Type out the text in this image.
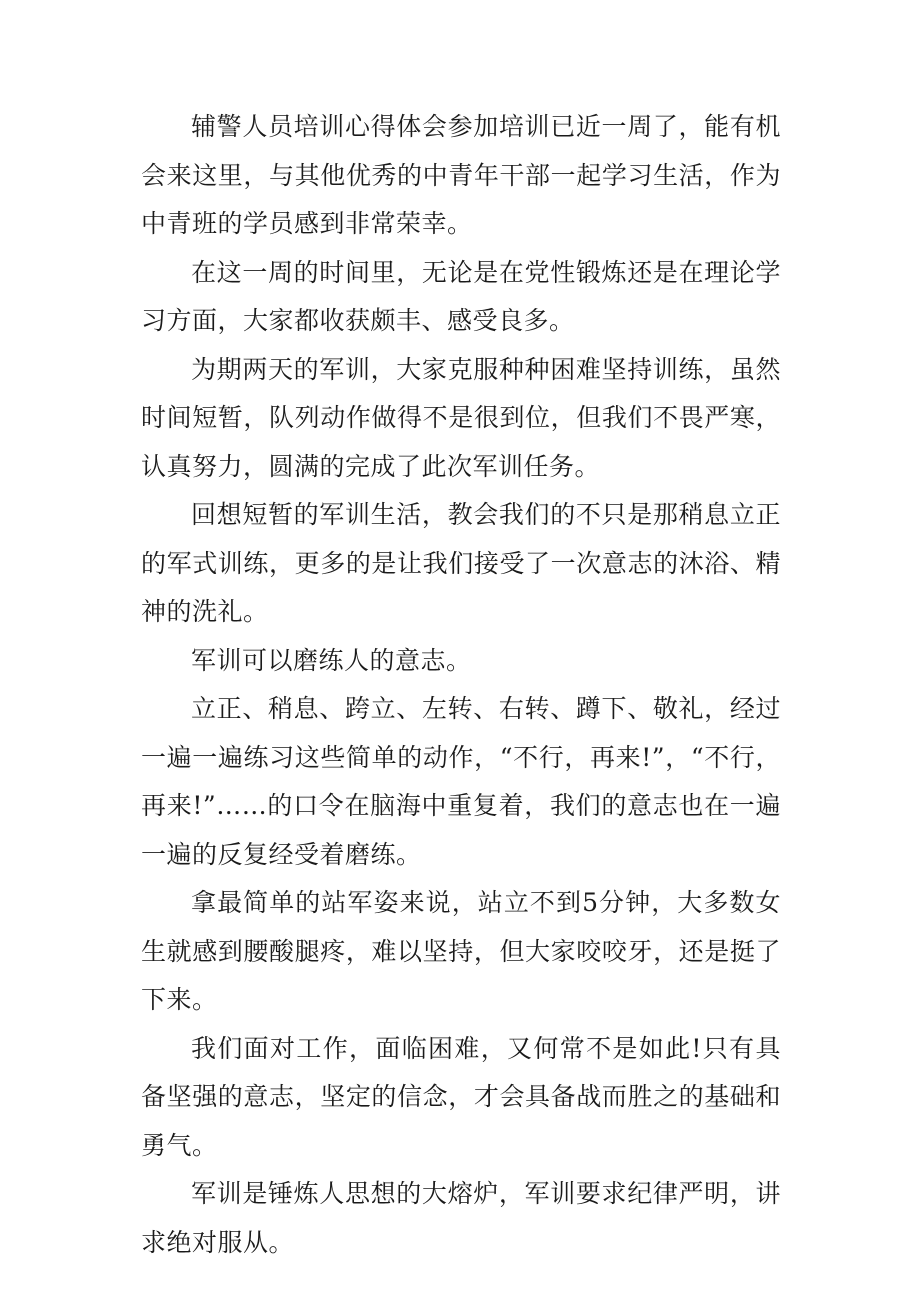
辅警人员培训心得体会参加培训已近一周了，能有机会来这里，与其他优秀的中青年干部一起学习生活，作为中青班的学员感到非常荣幸。

在这一周的时间里，无论是在党性锻炼还是在理论学习方面，大家都收获颇丰、感受良多。

为期两天的军训，大家克服种种困难坚持训练，虽然时间短暂，队列动作做得不是很到位，但我们不畏严寒，认真努力，圆满的完成了此次军训任务。

回想短暂的军训生活，教会我们的不只是那稍息立正的军式训练，更多的是让我们接受了一次意志的沐浴、精神的洗礼。

军训可以磨练人的意志。

立正、稍息、跨立、左转、右转、蹲下、敬礼，经过一遍一遍练习这些简单的动作，“不行，再来!”，“不行，再来!”……的口令在脑海中重复着，我们的意志也在一遍一遍的反复经受着磨练。

拿最简单的站军姿来说，站立不到5分钟，大多数女生就感到腰酸腿疼，难以坚持，但大家咬咬牙，还是挺了下来。

我们面对工作，面临困难，又何常不是如此!只有具备坚强的意志，坚定的信念，才会具备战而胜之的基础和勇气。

军训是锤炼人思想的大熔炉，军训要求纪律严明，讲求绝对服从。
